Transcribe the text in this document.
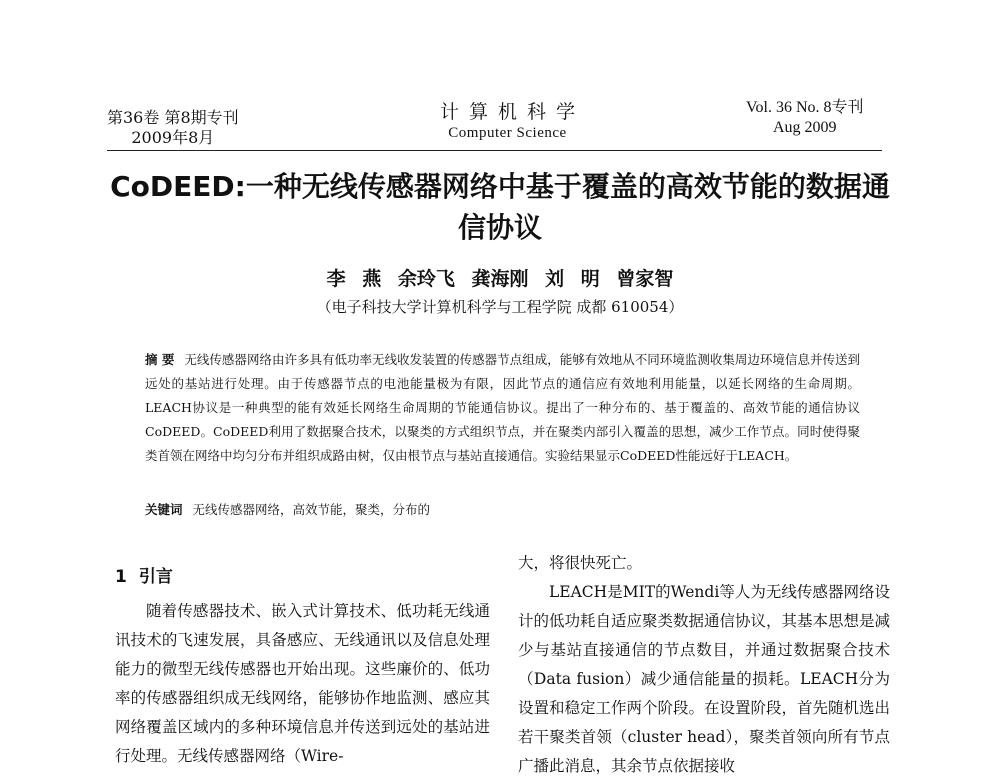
第36卷 第8期专刊
2009年8月
计算机科学
Computer Science
Vol. 36 No. 8专刊
Aug 2009
CoDEED:一种无线传感器网络中基于覆盖的高效节能的数据通信协议
李 燕 余玲飞 龚海刚 刘 明 曾家智
（电子科技大学计算机科学与工程学院 成都 610054）
摘 要 无线传感器网络由许多具有低功率无线收发装置的传感器节点组成，能够有效地从不同环境监测收集周边环境信息并传送到远处的基站进行处理。由于传感器节点的电池能量极为有限，因此节点的通信应有效地利用能量，以延长网络的生命周期。LEACH协议是一种典型的能有效延长网络生命周期的节能通信协议。提出了一种分布的、基于覆盖的、高效节能的通信协议CoDEED。CoDEED利用了数据聚合技术，以聚类的方式组织节点，并在聚类内部引入覆盖的思想，减少工作节点。同时使得聚类首领在网络中均匀分布并组织成路由树，仅由根节点与基站直接通信。实验结果显示CoDEED性能远好于LEACH。
关键词 无线传感器网络，高效节能，聚类，分布的
1 引言

随着传感器技术、嵌入式计算技术、低功耗无线通讯技术的飞速发展，具备感应、无线通讯以及信息处理能力的微型无线传感器也开始出现。这些廉价的、低功率的传感器组织成无线网络，能够协作地监测、感应其网络覆盖区域内的多种环境信息并传送到远处的基站进行处理。无线传感器网络（Wire-

大，将很快死亡。

LEACH是MIT的Wendi等人为无线传感器网络设计的低功耗自适应聚类数据通信协议，其基本思想是减少与基站直接通信的节点数目，并通过数据聚合技术（Data fusion）减少通信能量的损耗。LEACH分为设置和稳定工作两个阶段。在设置阶段，首先随机选出若干聚类首领（cluster head），聚类首领向所有节点广播此消息，其余节点依据接收
